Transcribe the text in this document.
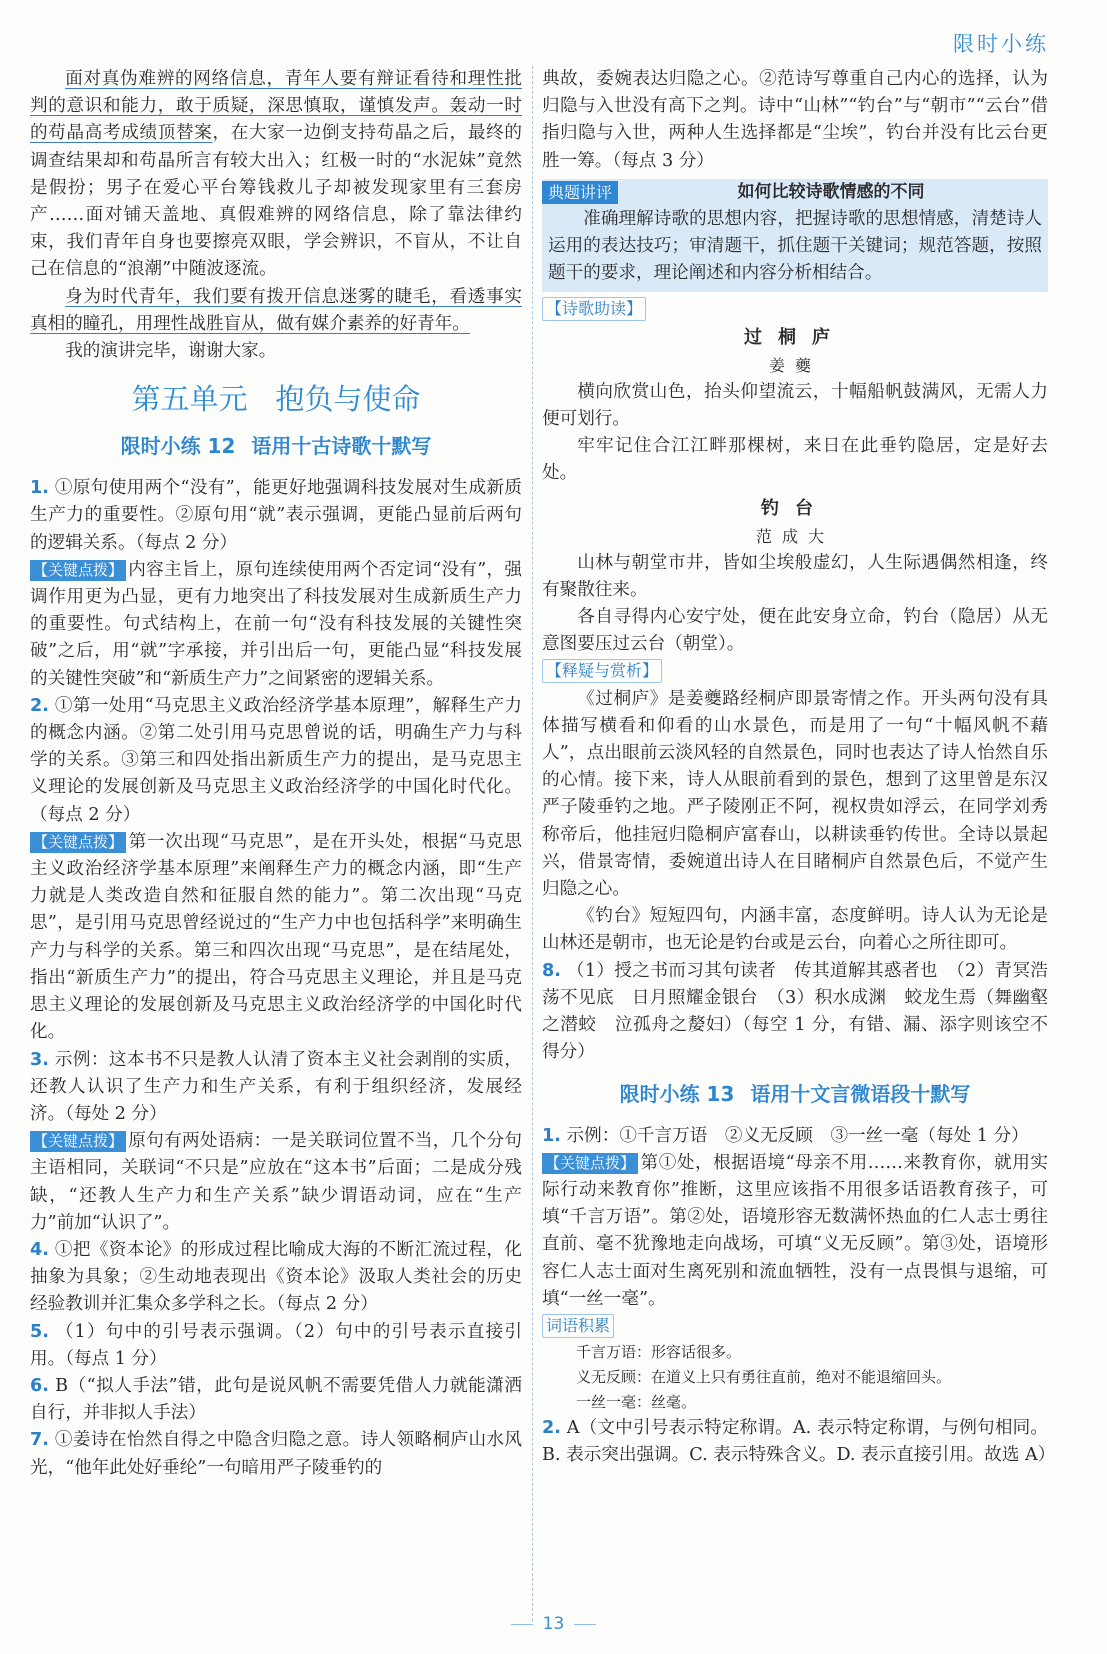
限时小练

面对真伪难辨的网络信息，青年人要有辩证看待和理性批判的意识和能力，敢于质疑，深思慎取，谨慎发声。轰动一时的苟晶高考成绩顶替案，在大家一边倒支持苟晶之后，最终的调查结果却和苟晶所言有较大出入；红极一时的“水泥妹”竟然是假扮；男子在爱心平台筹钱救儿子却被发现家里有三套房产……面对铺天盖地、真假难辨的网络信息，除了靠法律约束，我们青年自身也要擦亮双眼，学会辨识，不盲从，不让自己在信息的“浪潮”中随波逐流。

身为时代青年，我们要有拨开信息迷雾的睫毛，看透事实真相的瞳孔，用理性战胜盲从，做有媒介素养的好青年。

我的演讲完毕，谢谢大家。

第五单元 抱负与使命
限时小练 12 语用十古诗歌十默写

1. ①原句使用两个“没有”，能更好地强调科技发展对生成新质生产力的重要性。②原句用“就”表示强调，更能凸显前后两句的逻辑关系。（每点 2 分）

【关键点拨】 内容主旨上，原句连续使用两个否定词“没有”，强调作用更为凸显，更有力地突出了科技发展对生成新质生产力的重要性。句式结构上，在前一句“没有科技发展的关键性突破”之后，用“就”字承接，并引出后一句，更能凸显“科技发展的关键性突破”和“新质生产力”之间紧密的逻辑关系。

2. ①第一处用“马克思主义政治经济学基本原理”，解释生产力的概念内涵。②第二处引用马克思曾说的话，明确生产力与科学的关系。③第三和四处指出新质生产力的提出，是马克思主义理论的发展创新及马克思主义政治经济学的中国化时代化。（每点 2 分）

【关键点拨】 第一次出现“马克思”，是在开头处，根据“马克思主义政治经济学基本原理”来阐释生产力的概念内涵，即“生产力就是人类改造自然和征服自然的能力”。第二次出现“马克思”，是引用马克思曾经说过的“生产力中也包括科学”来明确生产力与科学的关系。第三和四次出现“马克思”，是在结尾处，指出“新质生产力”的提出，符合马克思主义理论，并且是马克思主义理论的发展创新及马克思主义政治经济学的中国化时代化。

3. 示例：这本书不只是教人认清了资本主义社会剥削的实质，还教人认识了生产力和生产关系，有利于组织经济，发展经济。（每处 2 分）

【关键点拨】 原句有两处语病：一是关联词位置不当，几个分句主语相同，关联词“不只是”应放在“这本书”后面；二是成分残缺，“还教人生产力和生产关系”缺少谓语动词，应在“生产力”前加“认识了”。

4. ①把《资本论》的形成过程比喻成大海的不断汇流过程，化抽象为具象；②生动地表现出《资本论》汲取人类社会的历史经验教训并汇集众多学科之长。（每点 2 分）

5. （1）句中的引号表示强调。（2）句中的引号表示直接引用。（每点 1 分）

6. B（“拟人手法”错，此句是说风帆不需要凭借人力就能潇洒自行，并非拟人手法）

7. ①姜诗在怡然自得之中隐含归隐之意。诗人领略桐庐山水风光，“他年此处好垂纶”一句暗用严子陵垂钓的

典故，委婉表达归隐之心。②范诗写尊重自己内心的选择，认为归隐与入世没有高下之判。诗中“山林”“钓台”与“朝市”“云台”借指归隐与入世，两种人生选择都是“尘埃”，钓台并没有比云台更胜一筹。（每点 3 分）

典题讲评	如何比较诗歌情感的不同

准确理解诗歌的思想内容，把握诗歌的思想情感，清楚诗人运用的表达技巧；审清题干，抓住题干关键词；规范答题，按照题干的要求，理论阐述和内容分析相结合。

【诗歌助读】
过桐庐
姜夔

横向欣赏山色，抬头仰望流云，十幅船帆鼓满风，无需人力便可划行。

牢牢记住合江江畔那棵树，来日在此垂钓隐居，定是好去处。

钓台
范成大

山林与朝堂市井，皆如尘埃般虚幻，人生际遇偶然相逢，终有聚散往来。

各自寻得内心安宁处，便在此安身立命，钓台（隐居）从无意图要压过云台（朝堂）。

【释疑与赏析】

《过桐庐》是姜夔路经桐庐即景寄情之作。开头两句没有具体描写横看和仰看的山水景色，而是用了一句“十幅风帆不藉人”，点出眼前云淡风轻的自然景色，同时也表达了诗人怡然自乐的心情。接下来，诗人从眼前看到的景色，想到了这里曾是东汉严子陵垂钓之地。严子陵刚正不阿，视权贵如浮云，在同学刘秀称帝后，他挂冠归隐桐庐富春山，以耕读垂钓传世。全诗以景起兴，借景寄情，委婉道出诗人在目睹桐庐自然景色后，不觉产生归隐之心。

《钓台》短短四句，内涵丰富，态度鲜明。诗人认为无论是山林还是朝市，也无论是钓台或是云台，向着心之所往即可。

8. （1）授之书而习其句读者　传其道解其惑者也　（2）青冥浩荡不见底　日月照耀金银台　（3）积水成渊　蛟龙生焉（舞幽壑之潜蛟　泣孤舟之嫠妇）（每空 1 分，有错、漏、添字则该空不得分）

限时小练 13 语用十文言微语段十默写

1. 示例：①千言万语　②义无反顾　③一丝一毫（每处 1 分）

【关键点拨】 第①处，根据语境“母亲不用……来教育你，就用实际行动来教育你”推断，这里应该指不用很多话语教育孩子，可填“千言万语”。第②处，语境形容无数满怀热血的仁人志士勇往直前、毫不犹豫地走向战场，可填“义无反顾”。第③处，语境形容仁人志士面对生离死别和流血牺牲，没有一点畏惧与退缩，可填“一丝一毫”。

词语积累
千言万语：形容话很多。
义无反顾：在道义上只有勇往直前，绝对不能退缩回头。
一丝一毫：丝毫。

2. A（文中引号表示特定称谓。A. 表示特定称谓，与例句相同。B. 表示突出强调。C. 表示特殊含义。D. 表示直接引用。故选 A）

13
